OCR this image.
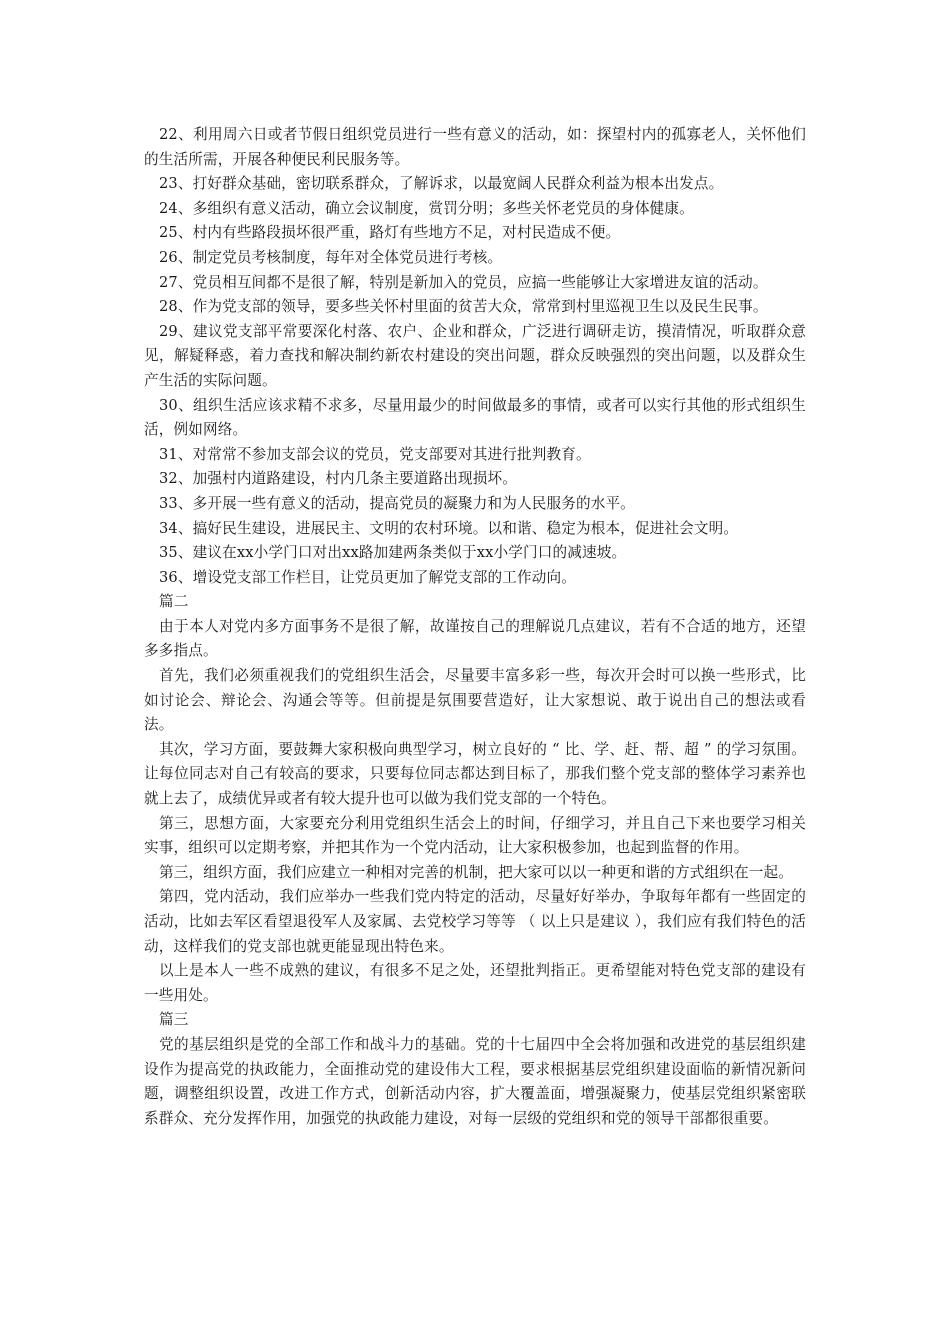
22、利用周六日或者节假日组织党员进行一些有意义的活动，如：探望村内的孤寡老人，关怀他们的生活所需，开展各种便民利民服务等。

23、打好群众基础，密切联系群众，了解诉求，以最宽阔人民群众利益为根本出发点。

24、多组织有意义活动，确立会议制度，赏罚分明；多些关怀老党员的身体健康。

25、村内有些路段损坏很严重，路灯有些地方不足，对村民造成不便。

26、制定党员考核制度，每年对全体党员进行考核。

27、党员相互间都不是很了解，特别是新加入的党员，应搞一些能够让大家增进友谊的活动。

28、作为党支部的领导，要多些关怀村里面的贫苦大众，常常到村里巡视卫生以及民生民事。

29、建议党支部平常要深化村落、农户、企业和群众，广泛进行调研走访，摸清情况，听取群众意见，解疑释惑，着力查找和解决制约新农村建设的突出问题，群众反映强烈的突出问题，以及群众生产生活的实际问题。

30、组织生活应该求精不求多，尽量用最少的时间做最多的事情，或者可以实行其他的形式组织生活，例如网络。

31、对常常不参加支部会议的党员，党支部要对其进行批判教育。

32、加强村内道路建设，村内几条主要道路出现损坏。

33、多开展一些有意义的活动，提高党员的凝聚力和为人民服务的水平。

34、搞好民生建设，进展民主、文明的农村环境。以和谐、稳定为根本，促进社会文明。

35、建议在xx小学门口对出xx路加建两条类似于xx小学门口的减速坡。

36、增设党支部工作栏目，让党员更加了解党支部的工作动向。

篇二

由于本人对党内多方面事务不是很了解，故谨按自己的理解说几点建议，若有不合适的地方，还望多多指点。

首先，我们必须重视我们的党组织生活会，尽量要丰富多彩一些，每次开会时可以换一些形式，比如讨论会、辩论会、沟通会等等。但前提是氛围要营造好，让大家想说、敢于说出自己的想法或看法。

其次，学习方面，要鼓舞大家积极向典型学习，树立良好的 “ 比、学、赶、帮、超 ” 的学习氛围。让每位同志对自己有较高的要求，只要每位同志都达到目标了，那我们整个党支部的整体学习素养也就上去了，成绩优异或者有较大提升也可以做为我们党支部的一个特色。

第三，思想方面，大家要充分利用党组织生活会上的时间，仔细学习，并且自己下来也要学习相关实事，组织可以定期考察，并把其作为一个党内活动，让大家积极参加，也起到监督的作用。

第三，组织方面，我们应建立一种相对完善的机制，把大家可以以一种更和谐的方式组织在一起。

第四，党内活动，我们应举办一些我们党内特定的活动，尽量好好举办，争取每年都有一些固定的活动，比如去军区看望退役军人及家属、去党校学习等等 （ 以上只是建议 ），我们应有我们特色的活动，这样我们的党支部也就更能显现出特色来。

以上是本人一些不成熟的建议，有很多不足之处，还望批判指正。更希望能对特色党支部的建设有一些用处。

篇三

党的基层组织是党的全部工作和战斗力的基础。党的十七届四中全会将加强和改进党的基层组织建设作为提高党的执政能力，全面推动党的建设伟大工程，要求根据基层党组织建设面临的新情况新问题，调整组织设置，改进工作方式，创新活动内容，扩大覆盖面，增强凝聚力，使基层党组织紧密联系群众、充分发挥作用，加强党的执政能力建设，对每一层级的党组织和党的领导干部都很重要。
